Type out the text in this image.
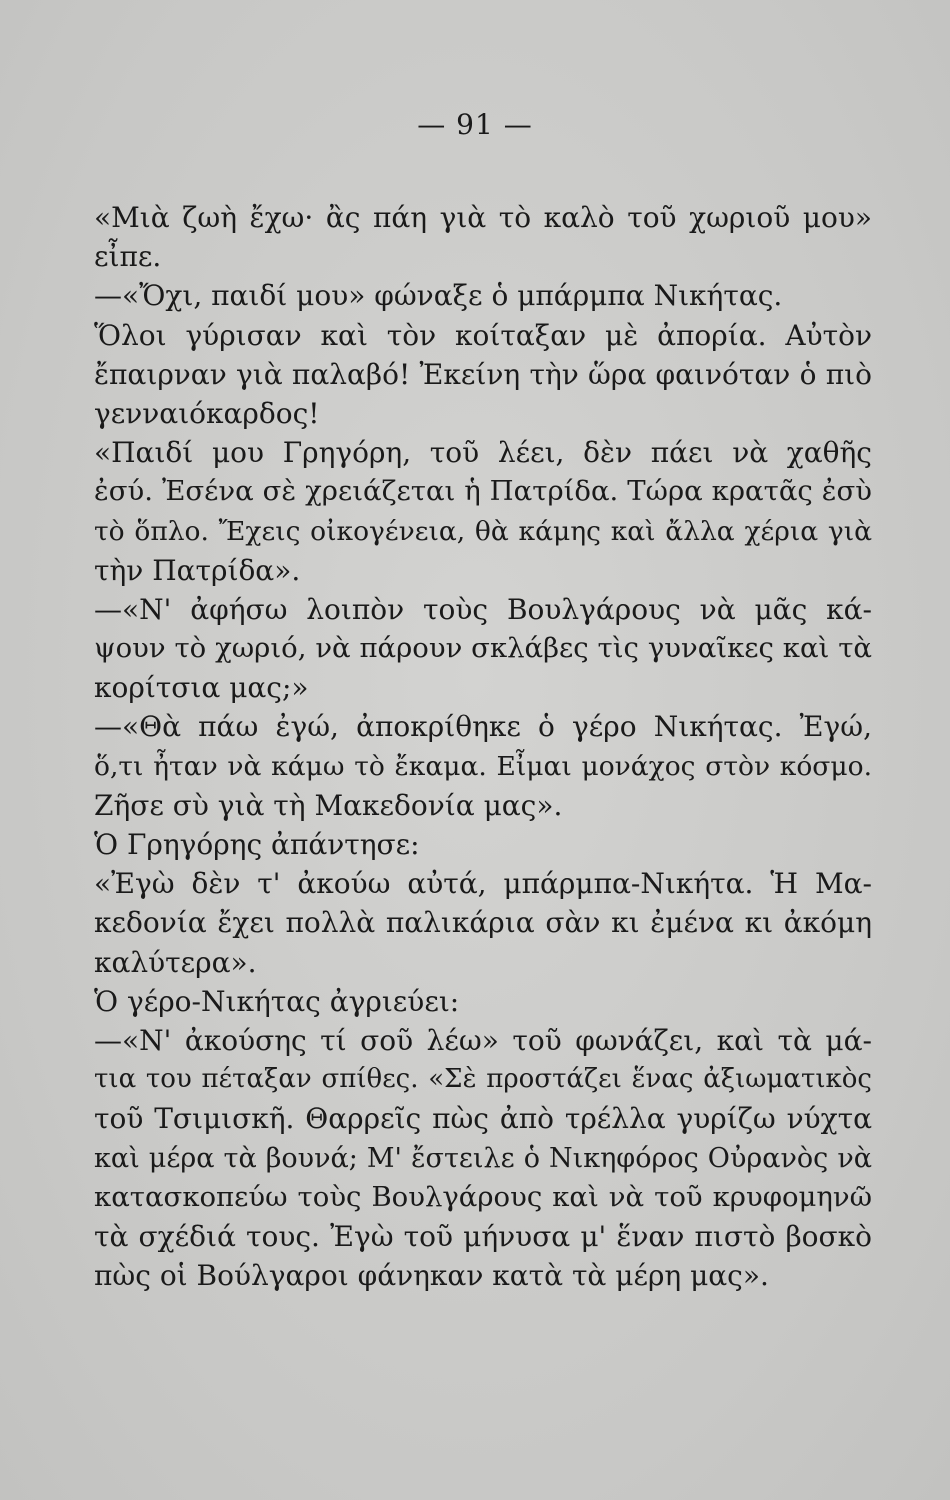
— 91 —
«Μιὰ ζωὴ ἔχω· ἂς πάη γιὰ τὸ καλὸ τοῦ χωριοῦ μου»
εἶπε.
—«Ὄχι, παιδί μου» φώναξε ὁ μπάρμπα Νικήτας.
Ὅλοι γύρισαν καὶ τὸν κοίταξαν μὲ ἀπορία. Αὐτὸν
ἔπαιρναν γιὰ παλαβό! Ἐκείνη τὴν ὥρα φαινόταν ὁ πιὸ
γενναιόκαρδος!
«Παιδί μου Γρηγόρη, τοῦ λέει, δὲν πάει νὰ χαθῆς
ἐσύ. Ἐσένα σὲ χρειάζεται ἡ Πατρίδα. Τώρα κρατᾶς ἐσὺ
τὸ ὅπλο. Ἔχεις οἰκογένεια, θὰ κάμης καὶ ἄλλα χέρια γιὰ
τὴν Πατρίδα».
—«Ν' ἀφήσω λοιπὸν τοὺς Βουλγάρους νὰ μᾶς κά-
ψουν τὸ χωριό, νὰ πάρουν σκλάβες τὶς γυναῖκες καὶ τὰ
κορίτσια μας;»
—«Θὰ πάω ἐγώ, ἀποκρίθηκε ὁ γέρο Νικήτας. Ἐγώ,
ὅ,τι ἦταν νὰ κάμω τὸ ἔκαμα. Εἶμαι μονάχος στὸν κόσμο.
Ζῆσε σὺ γιὰ τὴ Μακεδονία μας».
Ὁ Γρηγόρης ἀπάντησε:
«Ἐγὼ δὲν τ' ἀκούω αὐτά, μπάρμπα-Νικήτα. Ἡ Μα-
κεδονία ἔχει πολλὰ παλικάρια σὰν κι ἐμένα κι ἀκόμη
καλύτερα».
Ὁ γέρο-Νικήτας ἀγριεύει:
—«Ν' ἀκούσης τί σοῦ λέω» τοῦ φωνάζει, καὶ τὰ μά-
τια του πέταξαν σπίθες. «Σὲ προστάζει ἕνας ἀξιωματικὸς
τοῦ Τσιμισκῆ. Θαρρεῖς πὼς ἀπὸ τρέλλα γυρίζω νύχτα
καὶ μέρα τὰ βουνά; Μ' ἔστειλε ὁ Νικηφόρος Οὐρανὸς νὰ
κατασκοπεύω τοὺς Βουλγάρους καὶ νὰ τοῦ κρυφομηνῶ
τὰ σχέδιά τους. Ἐγὼ τοῦ μήνυσα μ' ἕναν πιστὸ βοσκὸ
πὼς οἱ Βούλγαροι φάνηκαν κατὰ τὰ μέρη μας».
